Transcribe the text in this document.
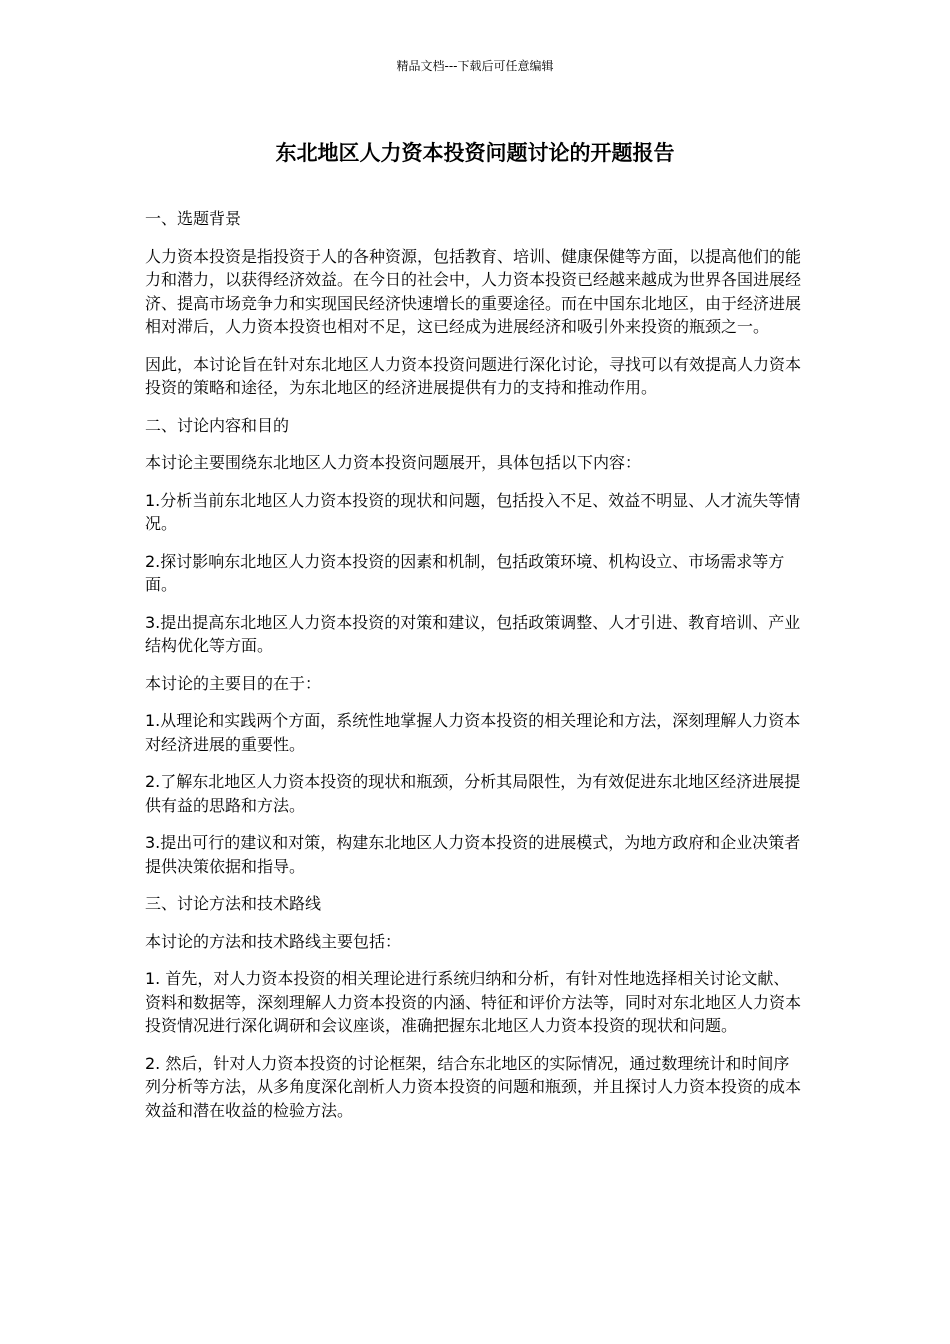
精品文档---下载后可任意编辑
东北地区人力资本投资问题讨论的开题报告

一、选题背景

人力资本投资是指投资于人的各种资源，包括教育、培训、健康保健等方面，以提高他们的能力和潜力，以获得经济效益。在今日的社会中，人力资本投资已经越来越成为世界各国进展经济、提高市场竞争力和实现国民经济快速增长的重要途径。而在中国东北地区，由于经济进展相对滞后，人力资本投资也相对不足，这已经成为进展经济和吸引外来投资的瓶颈之一。

因此，本讨论旨在针对东北地区人力资本投资问题进行深化讨论，寻找可以有效提高人力资本投资的策略和途径，为东北地区的经济进展提供有力的支持和推动作用。

二、讨论内容和目的

本讨论主要围绕东北地区人力资本投资问题展开，具体包括以下内容：

1.分析当前东北地区人力资本投资的现状和问题，包括投入不足、效益不明显、人才流失等情况。

2.探讨影响东北地区人力资本投资的因素和机制，包括政策环境、机构设立、市场需求等方面。

3.提出提高东北地区人力资本投资的对策和建议，包括政策调整、人才引进、教育培训、产业结构优化等方面。

本讨论的主要目的在于：

1.从理论和实践两个方面，系统性地掌握人力资本投资的相关理论和方法，深刻理解人力资本对经济进展的重要性。

2.了解东北地区人力资本投资的现状和瓶颈，分析其局限性，为有效促进东北地区经济进展提供有益的思路和方法。

3.提出可行的建议和对策，构建东北地区人力资本投资的进展模式，为地方政府和企业决策者提供决策依据和指导。

三、讨论方法和技术路线

本讨论的方法和技术路线主要包括：

1. 首先，对人力资本投资的相关理论进行系统归纳和分析，有针对性地选择相关讨论文献、资料和数据等，深刻理解人力资本投资的内涵、特征和评价方法等，同时对东北地区人力资本投资情况进行深化调研和会议座谈，准确把握东北地区人力资本投资的现状和问题。

2. 然后，针对人力资本投资的讨论框架，结合东北地区的实际情况，通过数理统计和时间序列分析等方法，从多角度深化剖析人力资本投资的问题和瓶颈，并且探讨人力资本投资的成本效益和潜在收益的检验方法。
